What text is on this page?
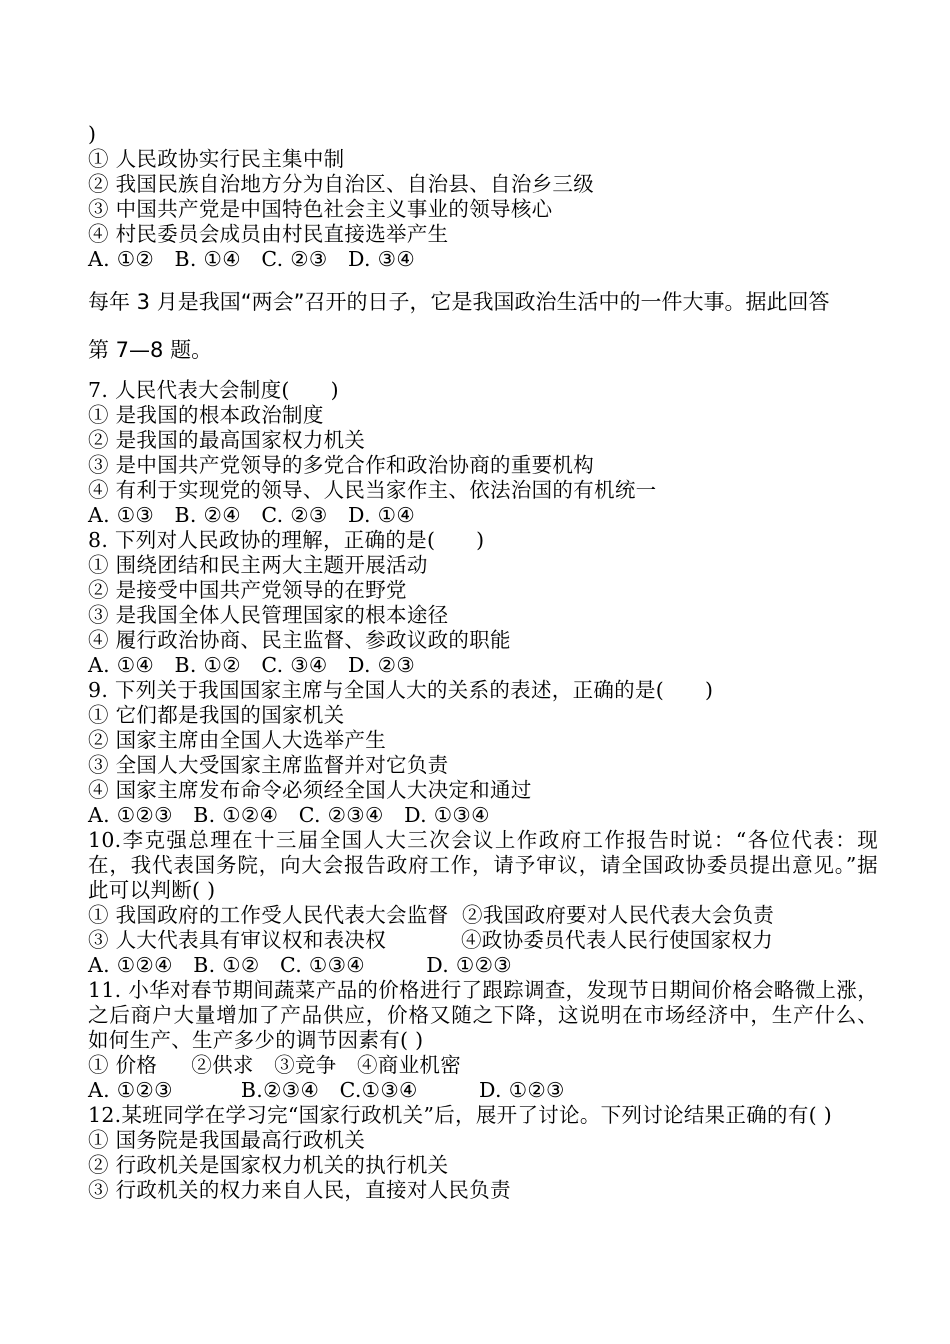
)
① 人民政协实行民主集中制
② 我国民族自治地方分为自治区、自治县、自治乡三级
③ 中国共产党是中国特色社会主义事业的领导核心
④ 村民委员会成员由村民直接选举产生
A. ①②   B. ①④   C. ②③   D. ③④
每年 3 月是我国“两会”召开的日子，它是我国政治生活中的一件大事。据此回答
第 7—8 题。
7. 人民代表大会制度(      )
① 是我国的根本政治制度
② 是我国的最高国家权力机关
③ 是中国共产党领导的多党合作和政治协商的重要机构
④ 有利于实现党的领导、人民当家作主、依法治国的有机统一
A. ①③   B. ②④   C. ②③   D. ①④
8. 下列对人民政协的理解，正确的是(      )
① 围绕团结和民主两大主题开展活动
② 是接受中国共产党领导的在野党
③ 是我国全体人民管理国家的根本途径
④ 履行政治协商、民主监督、参政议政的职能
A. ①④   B. ①②   C. ③④   D. ②③
9. 下列关于我国国家主席与全国人大的关系的表述，正确的是(      )
① 它们都是我国的国家机关
② 国家主席由全国人大选举产生
③ 全国人大受国家主席监督并对它负责
④ 国家主席发布命令必须经全国人大决定和通过
A. ①②③   B. ①②④   C. ②③④   D. ①③④
10.李克强总理在十三届全国人大三次会议上作政府工作报告时说：“各位代表：现在，我代表国务院，向大会报告政府工作，请予审议，请全国政协委员提出意见。”据此可以判断( )
① 我国政府的工作受人民代表大会监督  ②我国政府要对人民代表大会负责
③ 人大代表具有审议权和表决权           ④政协委员代表人民行使国家权力
A. ①②④   B. ①②   C. ①③④         D. ①②③
11. 小华对春节期间蔬菜产品的价格进行了跟踪调查，发现节日期间价格会略微上涨，之后商户大量增加了产品供应，价格又随之下降，这说明在市场经济中，生产什么、如何生产、生产多少的调节因素有( )
① 价格     ②供求   ③竞争   ④商业机密
A. ①②③          B.②③④   C.①③④         D. ①②③
12.某班同学在学习完“国家行政机关”后，展开了讨论。下列讨论结果正确的有( )
① 国务院是我国最高行政机关
② 行政机关是国家权力机关的执行机关
③ 行政机关的权力来自人民，直接对人民负责
